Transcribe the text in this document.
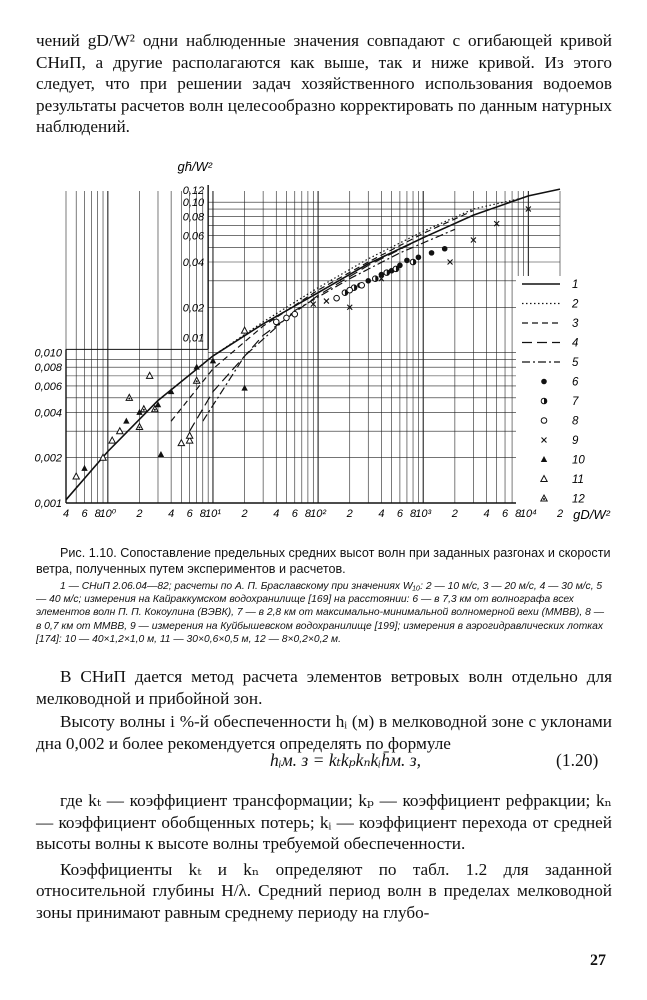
чений gD/W² одни наблюденные значения совпадают с огибающей кривой СНиП, а другие располагаются как выше, так и ниже кривой. Из этого следует, что при решении задач хозяйственного использования водоемов результаты расчетов волн целесообразно корректировать по данным натурных наблюдений.

1
2
3
4
5
6
7
8
9
10
11
12
4 6 8
10⁰ 2 4 6 8 10¹ 2 4 6 8 10² 2 4 6 8 10³ 2 4 6 8
10⁴ 2
0,001
0,002
0,004
0,006
0,008
0,010
0,01
0,02
0,04
0,06
0,08
0,10
0,12
gh̄/W²
gD/W²
Рис. 1.10. Сопоставление предельных средних высот волн при заданных разгонах и скорости ветра, полученных путем экспериментов и расчетов.
1 — СНиП 2.06.04—82; расчеты по А. П. Браславскому при значениях W₁₀: 2 — 10 м/с, 3 — 20 м/с, 4 — 30 м/с, 5 — 40 м/с; измерения на Кайраккумском водохранилище [169] на расстоянии: 6 — в 7,3 км от волнографа всех элементов волн П. П. Кокоулина (ВЭВК), 7 — в 2,8 км от максимально-минимальной волномерной вехи (ММВВ), 8 — в 0,7 км от ММВВ, 9 — измерения на Куйбышевском водохранилище [199]; измерения в аэрогидравлических лотках [174]: 10 — 40×1,2×1,0 м, 11 — 30×0,6×0,5 м, 12 — 8×0,2×0,2 м.

В СНиП дается метод расчета элементов ветровых волн отдельно для мелководной и прибойной зон.

Высоту волны i %-й обеспеченности hᵢ (м) в мелководной зоне с уклонами дна 0,002 и более рекомендуется определять по формуле

hᵢм. з = kₜkₚkₙkᵢh̄м. з,	(1.20)

где kₜ — коэффициент трансформации; kₚ — коэффициент рефракции; kₙ — коэффициент обобщенных потерь; kᵢ — коэффициент перехода от средней высоты волны к высоте волны требуемой обеспеченности.

Коэффициенты kₜ и kₙ определяют по табл. 1.2 для заданной относительной глубины H/λ. Средний период волн в пределах мелководной зоны принимают равным среднему периоду на глубо-

27
